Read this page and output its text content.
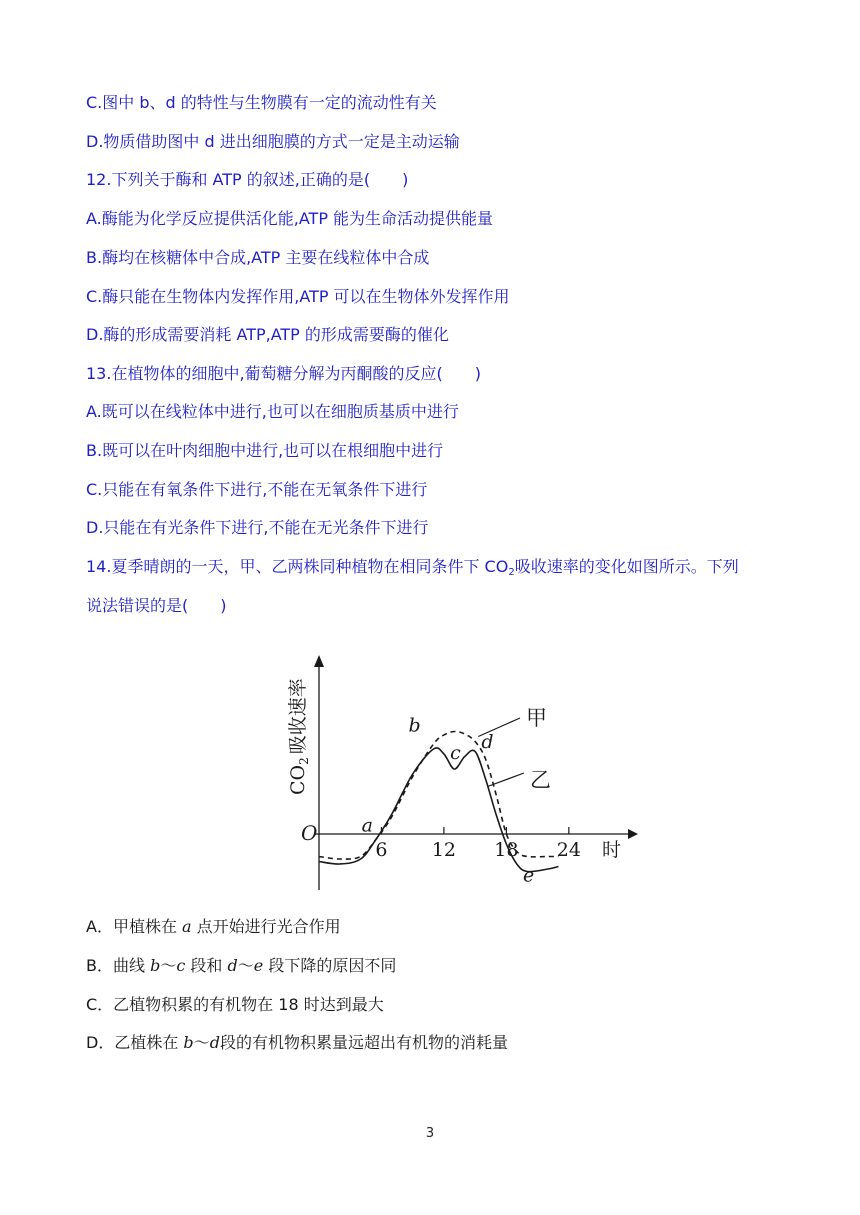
C.图中 b、d 的特性与生物膜有一定的流动性有关
D.物质借助图中 d 进出细胞膜的方式一定是主动运输
12.下列关于酶和 ATP 的叙述,正确的是(　　)
A.酶能为化学反应提供活化能,ATP 能为生命活动提供能量
B.酶均在核糖体中合成,ATP 主要在线粒体中合成
C.酶只能在生物体内发挥作用,ATP 可以在生物体外发挥作用
D.酶的形成需要消耗 ATP,ATP 的形成需要酶的催化
13.在植物体的细胞中,葡萄糖分解为丙酮酸的反应(　　)
A.既可以在线粒体中进行,也可以在细胞质基质中进行
B.既可以在叶肉细胞中进行,也可以在根细胞中进行
C.只能在有氧条件下进行,不能在无氧条件下进行
D.只能在有光条件下进行,不能在无光条件下进行
14.夏季晴朗的一天，甲、乙两株同种植物在相同条件下 $CO_2$吸收速率的变化如图所示。下列
说法错误的是(　　)
O
6 12 18 24 时
$CO_2$吸收速率	甲
乙
a
b
c d
e
A．甲植株在 a 点开始进行光合作用
B．曲线 b～c 段和 d～e 段下降的原因不同
C．乙植物积累的有机物在 18 时达到最大
D．乙植株在 b～d段的有机物积累量远超出有机物的消耗量
3
